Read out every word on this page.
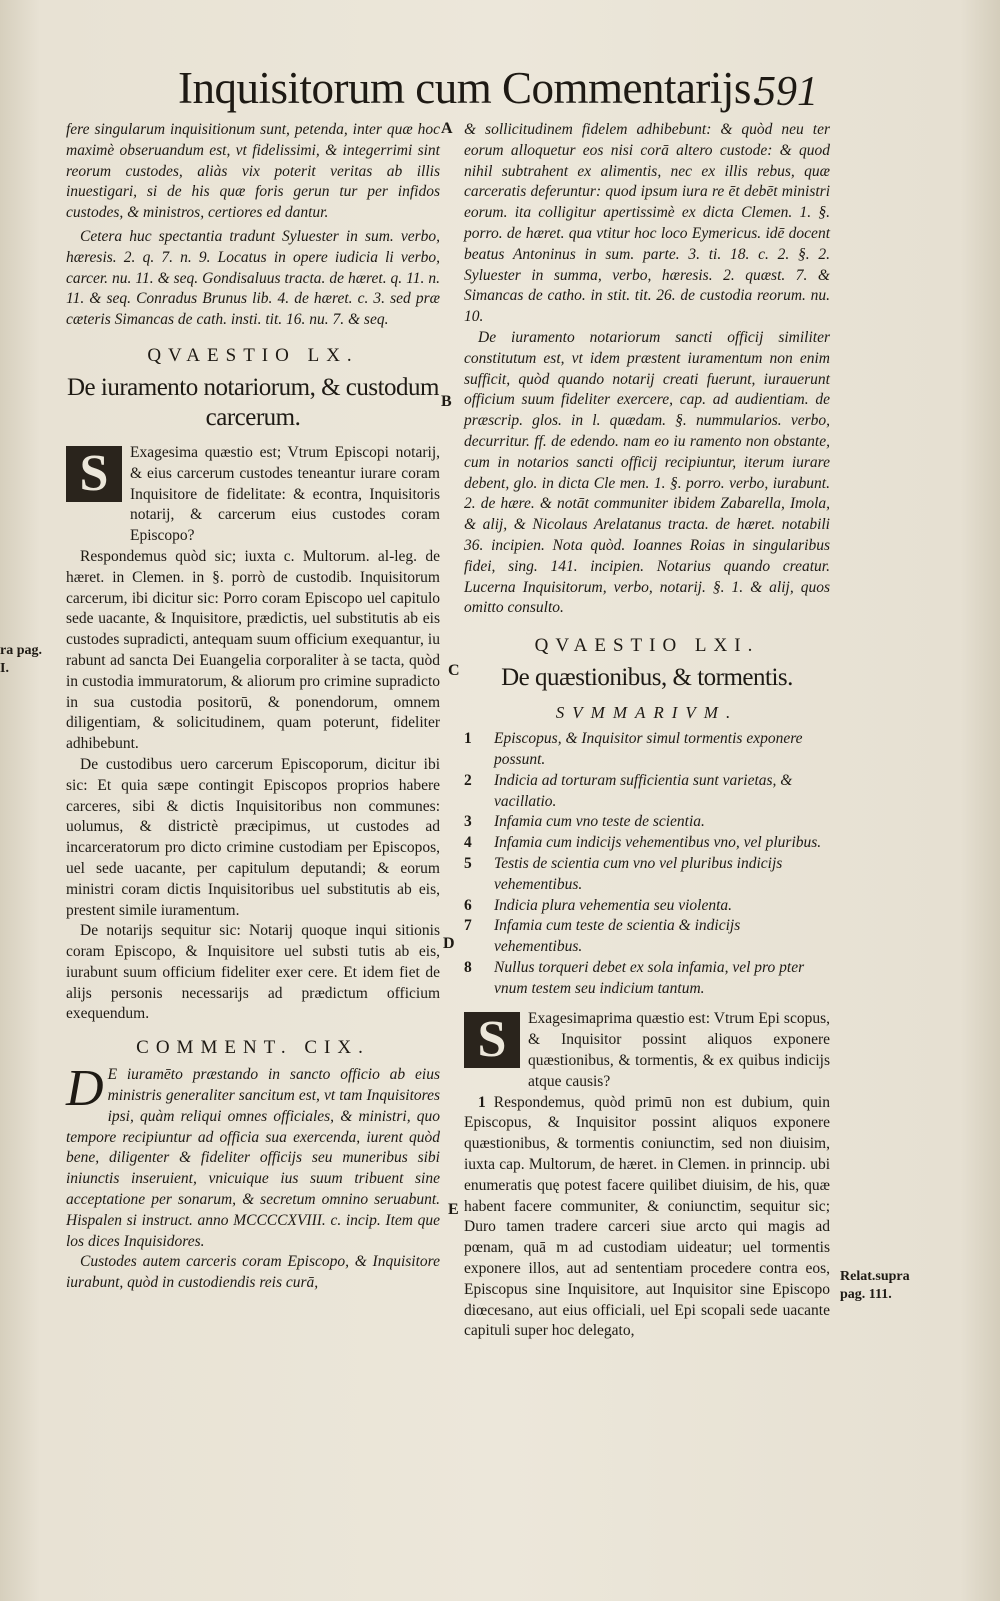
Inquisitorum cum Commentarijs.
591
A
B
C
D
E
ra pag.
I.
Relat.supra
pag. 111.

fere singularum inquisitionum sunt, petenda, inter quæ hoc maximè obseruandum est, vt fidelissimi, & integerrimi sint reorum custodes, aliàs vix poterit veritas ab illis inuestigari, si de his quæ foris gerun tur per infidos custodes, & ministros, certiores ed dantur.

Cetera huc spectantia tradunt Syluester in sum. verbo, hæresis. 2. q. 7. n. 9. Locatus in opere iudicia li verbo, carcer. nu. 11. & seq. Gondisaluus tracta. de hæret. q. 11. n. 11. & seq. Conradus Brunus lib. 4. de hæret. c. 3. sed præ cæteris Simancas de cath. insti. tit. 16. nu. 7. & seq.

QVAESTIO LX.
De iuramento notariorum, & custodum carcerum.
S	Exagesima quæstio est; Vtrum Episcopi notarij, & eius carcerum custodes teneantur iurare coram Inquisitore de fidelitate: & econtra, Inquisitoris notarij, & carcerum eius custodes coram Episcopo?

Respondemus quòd sic; iuxta c. Multorum. al-leg. de hæret. in Clemen. in §. porrò de custodib. Inquisitorum carcerum, ibi dicitur sic: Porro coram Episcopo uel capitulo sede uacante, & Inquisitore, prædictis, uel substitutis ab eis custodes supradicti, antequam suum officium exequantur, iu rabunt ad sancta Dei Euangelia corporaliter à se tacta, quòd in custodia immuratorum, & aliorum pro crimine supradicto in sua custodia positorū, & ponendorum, omnem diligentiam, & solicitudinem, quam poterunt, fideliter adhibebunt.

De custodibus uero carcerum Episcoporum, dicitur ibi sic: Et quia sæpe contingit Episcopos proprios habere carceres, sibi & dictis Inquisitoribus non communes: uolumus, & districtè præcipimus, ut custodes ad incarceratorum pro dicto crimine custodiam per Episcopos, uel sede uacante, per capitulum deputandi; & eorum ministri coram dictis Inquisitoribus uel substitutis ab eis, prestent simile iuramentum.

De notarijs sequitur sic: Notarij quoque inqui sitionis coram Episcopo, & Inquisitore uel substi tutis ab eis, iurabunt suum officium fideliter exer cere. Et idem fiet de alijs personis necessarijs ad prædictum officium exequendum.

COMMENT. CIX.

D E iuramēto præstando in sancto officio ab eius ministris generaliter sancitum est, vt tam Inquisitores ipsi, quàm reliqui omnes officiales, & ministri, quo tempore recipiuntur ad officia sua exercenda, iurent quòd bene, diligenter & fideliter officijs seu muneribus sibi iniunctis inseruient, vnicuique ius suum tribuent sine acceptatione per sonarum, & secretum omnino seruabunt. Hispalen si instruct. anno MCCCCXVIII. c. incip. Item que los dices Inquisidores.

Custodes autem carceris coram Episcopo, & Inquisitore iurabunt, quòd in custodiendis reis curā,

& sollicitudinem fidelem adhibebunt: & quòd neu ter eorum alloquetur eos nisi corā altero custode: & quod nihil subtrahent ex alimentis, nec ex illis rebus, quæ carceratis deferuntur: quod ipsum iura re ēt debēt ministri eorum. ita colligitur apertissimè ex dicta Clemen. 1. §. porro. de hæret. qua vtitur hoc loco Eymericus. idē docent beatus Antoninus in sum. parte. 3. ti. 18. c. 2. §. 2. Syluester in summa, verbo, hæresis. 2. quæst. 7. & Simancas de catho. in stit. tit. 26. de custodia reorum. nu. 10.

De iuramento notariorum sancti officij similiter constitutum est, vt idem præstent iuramentum non enim sufficit, quòd quando notarij creati fuerunt, iurauerunt officium suum fideliter exercere, cap. ad audientiam. de præscrip. glos. in l. quædam. §. nummularios. verbo, decurritur. ff. de edendo. nam eo iu ramento non obstante, cum in notarios sancti officij recipiuntur, iterum iurare debent, glo. in dicta Cle men. 1. §. porro. verbo, iurabunt. 2. de hære. & notāt communiter ibidem Zabarella, Imola, & alij, & Nicolaus Arelatanus tracta. de hæret. notabili 36. incipien. Nota quòd. Ioannes Roias in singularibus fidei, sing. 141. incipien. Notarius quando creatur. Lucerna Inquisitorum, verbo, notarij. §. 1. & alij, quos omitto consulto.

QVAESTIO LXI.
De quæstionibus, & tormentis.
SVMMARIVM.
1	Episcopus, & Inquisitor simul tormentis exponere possunt.
2	Indicia ad torturam sufficientia sunt varietas, & vacillatio.
3	Infamia cum vno teste de scientia.
4	Infamia cum indicijs vehementibus vno, vel pluribus.
5	Testis de scientia cum vno vel pluribus indicijs vehementibus.
6	Indicia plura vehementia seu violenta.
7	Infamia cum teste de scientia & indicijs vehementibus.
8	Nullus torqueri debet ex sola infamia, vel pro pter vnum testem seu indicium tantum.
S	Exagesimaprima quæstio est: Vtrum Epi scopus, & Inquisitor possint aliquos exponere quæstionibus, & tormentis, & ex quibus indicijs atque causis?

1 Respondemus, quòd primū non est dubium, quin Episcopus, & Inquisitor possint aliquos exponere quæstionibus, & tormentis coniunctim, sed non diuisim, iuxta cap. Multorum, de hæret. in Clemen. in prinncip. ubi enumeratis quę potest facere quilibet diuisim, de his, quæ habent facere communiter, & coniunctim, sequitur sic; Duro tamen tradere carceri siue arcto qui magis ad pœnam, quā m ad custodiam uideatur; uel tormentis exponere illos, aut ad sententiam procedere contra eos, Episcopus sine Inquisitore, aut Inquisitor sine Episcopo diœcesano, aut eius officiali, uel Epi scopali sede uacante capituli super hoc delegato,
